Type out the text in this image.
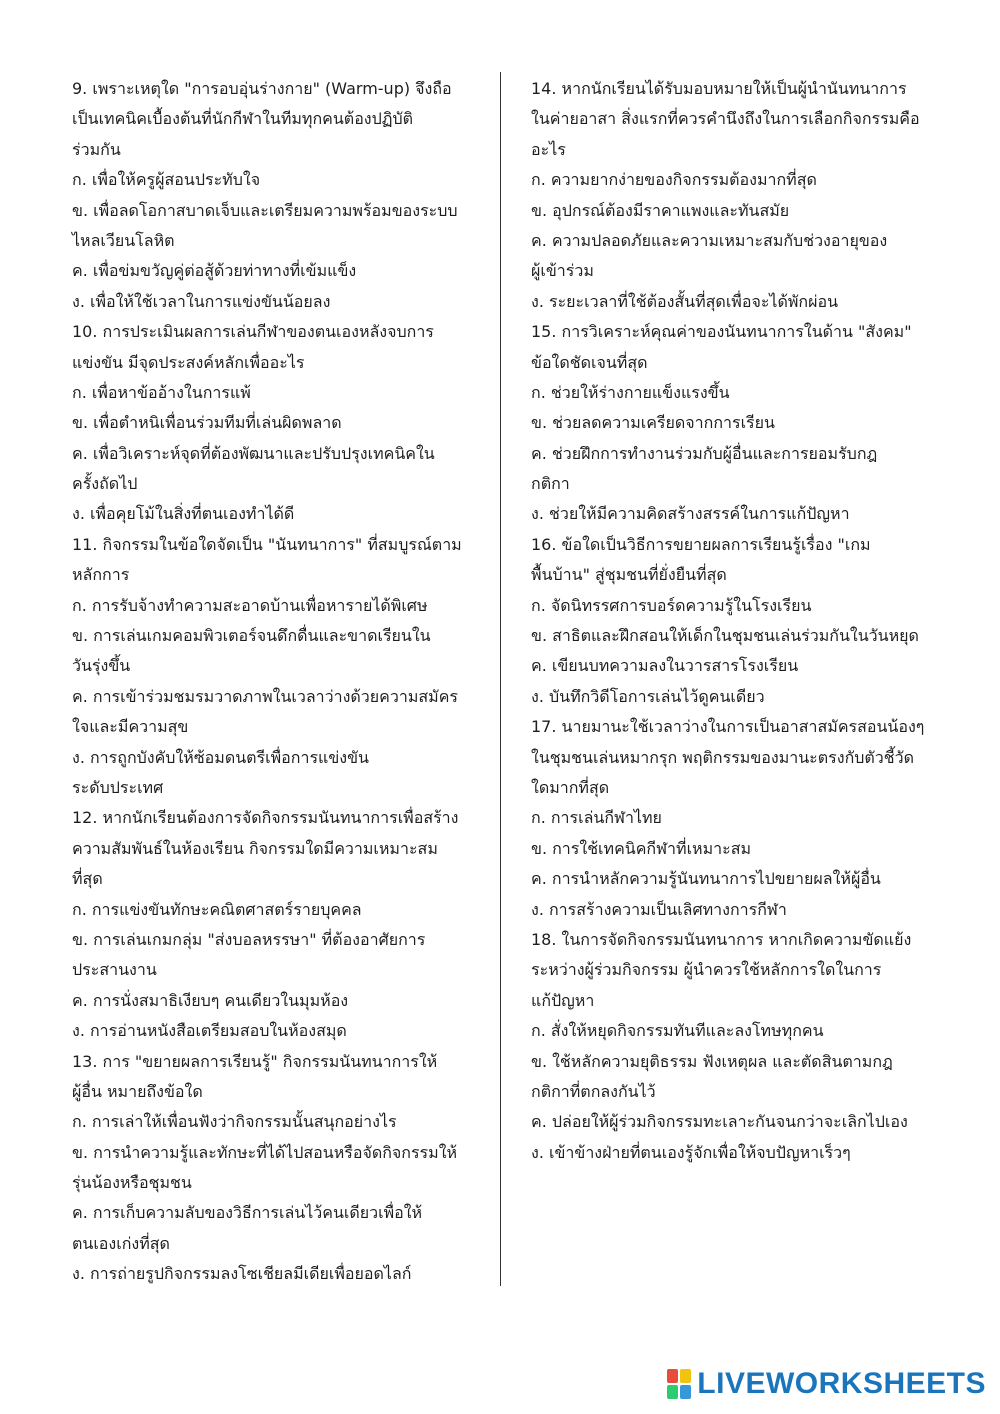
9. เพราะเหตุใด "การอบอุ่นร่างกาย" (Warm-up) จึงถือ
เป็นเทคนิคเบื้องต้นที่นักกีฬาในทีมทุกคนต้องปฏิบัติ
ร่วมกัน
ก. เพื่อให้ครูผู้สอนประทับใจ
ข. เพื่อลดโอกาสบาดเจ็บและเตรียมความพร้อมของระบบ
ไหลเวียนโลหิต
ค. เพื่อข่มขวัญคู่ต่อสู้ด้วยท่าทางที่เข้มแข็ง
ง. เพื่อให้ใช้เวลาในการแข่งขันน้อยลง
10. การประเมินผลการเล่นกีฬาของตนเองหลังจบการ
แข่งขัน มีจุดประสงค์หลักเพื่ออะไร
ก. เพื่อหาข้ออ้างในการแพ้
ข. เพื่อตำหนิเพื่อนร่วมทีมที่เล่นผิดพลาด
ค. เพื่อวิเคราะห์จุดที่ต้องพัฒนาและปรับปรุงเทคนิคใน
ครั้งถัดไป
ง. เพื่อคุยโม้ในสิ่งที่ตนเองทำได้ดี
11. กิจกรรมในข้อใดจัดเป็น "นันทนาการ" ที่สมบูรณ์ตาม
หลักการ
ก. การรับจ้างทำความสะอาดบ้านเพื่อหารายได้พิเศษ
ข. การเล่นเกมคอมพิวเตอร์จนดึกดื่นและขาดเรียนใน
วันรุ่งขึ้น
ค. การเข้าร่วมชมรมวาดภาพในเวลาว่างด้วยความสมัคร
ใจและมีความสุข
ง. การถูกบังคับให้ซ้อมดนตรีเพื่อการแข่งขัน
ระดับประเทศ
12. หากนักเรียนต้องการจัดกิจกรรมนันทนาการเพื่อสร้าง
ความสัมพันธ์ในห้องเรียน กิจกรรมใดมีความเหมาะสม
ที่สุด
ก. การแข่งขันทักษะคณิตศาสตร์รายบุคคล
ข. การเล่นเกมกลุ่ม "ส่งบอลหรรษา" ที่ต้องอาศัยการ
ประสานงาน
ค. การนั่งสมาธิเงียบๆ คนเดียวในมุมห้อง
ง. การอ่านหนังสือเตรียมสอบในห้องสมุด
13. การ "ขยายผลการเรียนรู้" กิจกรรมนันทนาการให้
ผู้อื่น หมายถึงข้อใด
ก. การเล่าให้เพื่อนฟังว่ากิจกรรมนั้นสนุกอย่างไร
ข. การนำความรู้และทักษะที่ได้ไปสอนหรือจัดกิจกรรมให้
รุ่นน้องหรือชุมชน
ค. การเก็บความลับของวิธีการเล่นไว้คนเดียวเพื่อให้
ตนเองเก่งที่สุด
ง. การถ่ายรูปกิจกรรมลงโซเชียลมีเดียเพื่อยอดไลก์
14. หากนักเรียนได้รับมอบหมายให้เป็นผู้นำนันทนาการ
ในค่ายอาสา สิ่งแรกที่ควรคำนึงถึงในการเลือกกิจกรรมคือ
อะไร
ก. ความยากง่ายของกิจกรรมต้องมากที่สุด
ข. อุปกรณ์ต้องมีราคาแพงและทันสมัย
ค. ความปลอดภัยและความเหมาะสมกับช่วงอายุของ
ผู้เข้าร่วม
ง. ระยะเวลาที่ใช้ต้องสั้นที่สุดเพื่อจะได้พักผ่อน
15. การวิเคราะห์คุณค่าของนันทนาการในด้าน "สังคม"
ข้อใดชัดเจนที่สุด
ก. ช่วยให้ร่างกายแข็งแรงขึ้น
ข. ช่วยลดความเครียดจากการเรียน
ค. ช่วยฝึกการทำงานร่วมกับผู้อื่นและการยอมรับกฎ
กติกา
ง. ช่วยให้มีความคิดสร้างสรรค์ในการแก้ปัญหา
16. ข้อใดเป็นวิธีการขยายผลการเรียนรู้เรื่อง "เกม
พื้นบ้าน" สู่ชุมชนที่ยั่งยืนที่สุด
ก. จัดนิทรรศการบอร์ดความรู้ในโรงเรียน
ข. สาธิตและฝึกสอนให้เด็กในชุมชนเล่นร่วมกันในวันหยุด
ค. เขียนบทความลงในวารสารโรงเรียน
ง. บันทึกวิดีโอการเล่นไว้ดูคนเดียว
17. นายมานะใช้เวลาว่างในการเป็นอาสาสมัครสอนน้องๆ
ในชุมชนเล่นหมากรุก พฤติกรรมของมานะตรงกับตัวชี้วัด
ใดมากที่สุด
ก. การเล่นกีฬาไทย
ข. การใช้เทคนิคกีฬาที่เหมาะสม
ค. การนำหลักความรู้นันทนาการไปขยายผลให้ผู้อื่น
ง. การสร้างความเป็นเลิศทางการกีฬา
18. ในการจัดกิจกรรมนันทนาการ หากเกิดความขัดแย้ง
ระหว่างผู้ร่วมกิจกรรม ผู้นำควรใช้หลักการใดในการ
แก้ปัญหา
ก. สั่งให้หยุดกิจกรรมทันทีและลงโทษทุกคน
ข. ใช้หลักความยุติธรรม ฟังเหตุผล และตัดสินตามกฎ
กติกาที่ตกลงกันไว้
ค. ปล่อยให้ผู้ร่วมกิจกรรมทะเลาะกันจนกว่าจะเลิกไปเอง
ง. เข้าข้างฝ่ายที่ตนเองรู้จักเพื่อให้จบปัญหาเร็วๆ
LIVEWORKSHEETS
